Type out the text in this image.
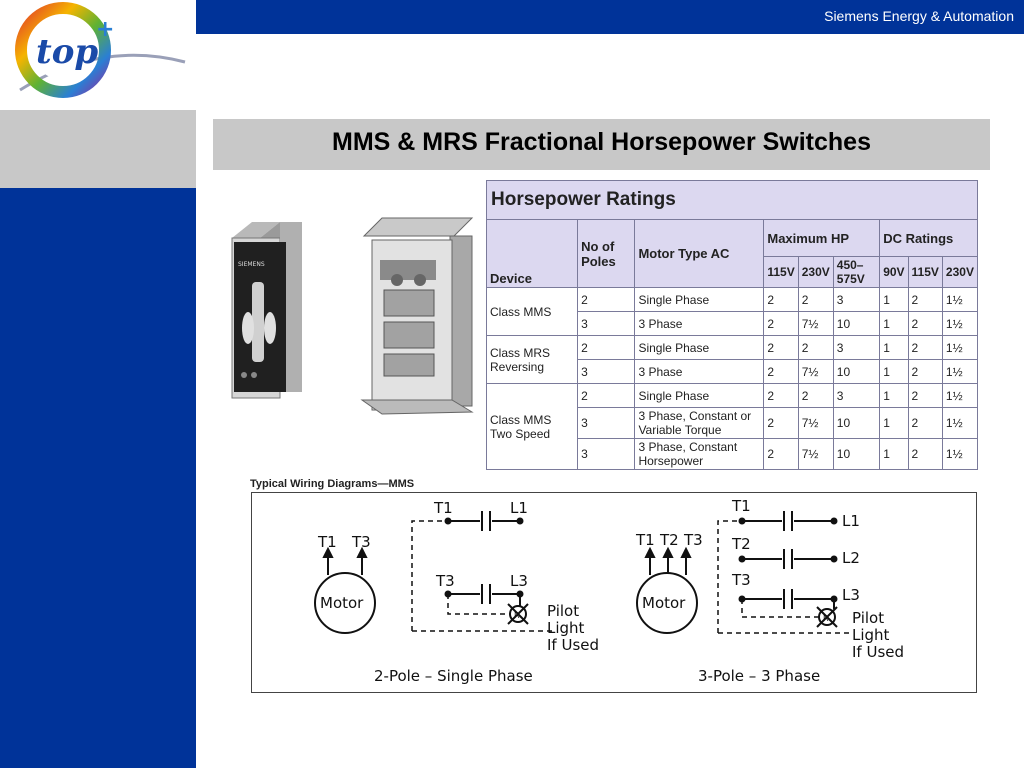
Siemens Energy & Automation
top
+
MMS & MRS Fractional Horsepower Switches
SIEMENS
Horsepower Ratings								
Device	No of Poles	Motor Type AC	Maximum HP			DC Ratings		
			115V	230V	450–575V	90V	115V	230V
Class MMS	2	Single Phase	2	2	3	1	2	1½
	3	3 Phase	2	7½	10	1	2	1½
Class MRS Reversing	2	Single Phase	2	2	3	1	2	1½
	3	3 Phase	2	7½	10	1	2	1½
Class MMS Two Speed	2	Single Phase	2	2	3	1	2	1½
	3	3 Phase, Constant or Variable Torque	2	7½	10	1	2	1½
	3	3 Phase, Constant Horsepower	2	7½	10	1	2	1½
Typical Wiring Diagrams—MMS
T1 T3
Motor
T1	L1
T3	L3
R Pilot
Light
If Used
2-Pole – Single Phase
T1 T2 T3
Motor
T1
T2
T3
L1
L2
L3
R Pilot
Light
If Used
3-Pole – 3 Phase
